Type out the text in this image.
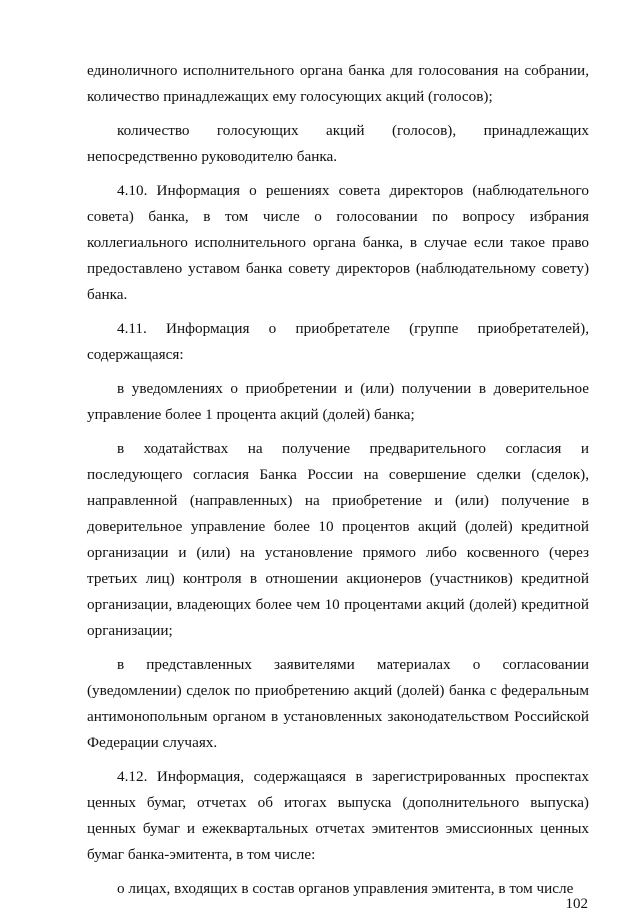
единоличного исполнительного органа банка для голосования на собрании, количество принадлежащих ему голосующих акций (голосов);

количество голосующих акций (голосов), принадлежащих непосредственно руководителю банка.

4.10. Информация о решениях совета директоров (наблюдательного совета) банка, в том числе о голосовании по вопросу избрания коллегиального исполнительного органа банка, в случае если такое право предоставлено уставом банка совету директоров (наблюдательному совету) банка.

4.11. Информация о приобретателе (группе приобретателей), содержащаяся:

в уведомлениях о приобретении и (или) получении в доверительное управление более 1 процента акций (долей) банка;

в ходатайствах на получение предварительного согласия и последующего согласия Банка России на совершение сделки (сделок), направленной (направленных) на приобретение и (или) получение в доверительное управление более 10 процентов акций (долей) кредитной организации и (или) на установление прямого либо косвенного (через третьих лиц) контроля в отношении акционеров (участников) кредитной организации, владеющих более чем 10 процентами акций (долей) кредитной организации;

в представленных заявителями материалах о согласовании (уведомлении) сделок по приобретению акций (долей) банка с федеральным антимонопольным органом в установленных законодательством Российской Федерации случаях.

4.12. Информация, содержащаяся в зарегистрированных проспектах ценных бумаг, отчетах об итогах выпуска (дополнительного выпуска) ценных бумаг и ежеквартальных отчетах эмитентов эмиссионных ценных бумаг банка-эмитента, в том числе:

о лицах, входящих в состав органов управления эмитента, в том числе

102
